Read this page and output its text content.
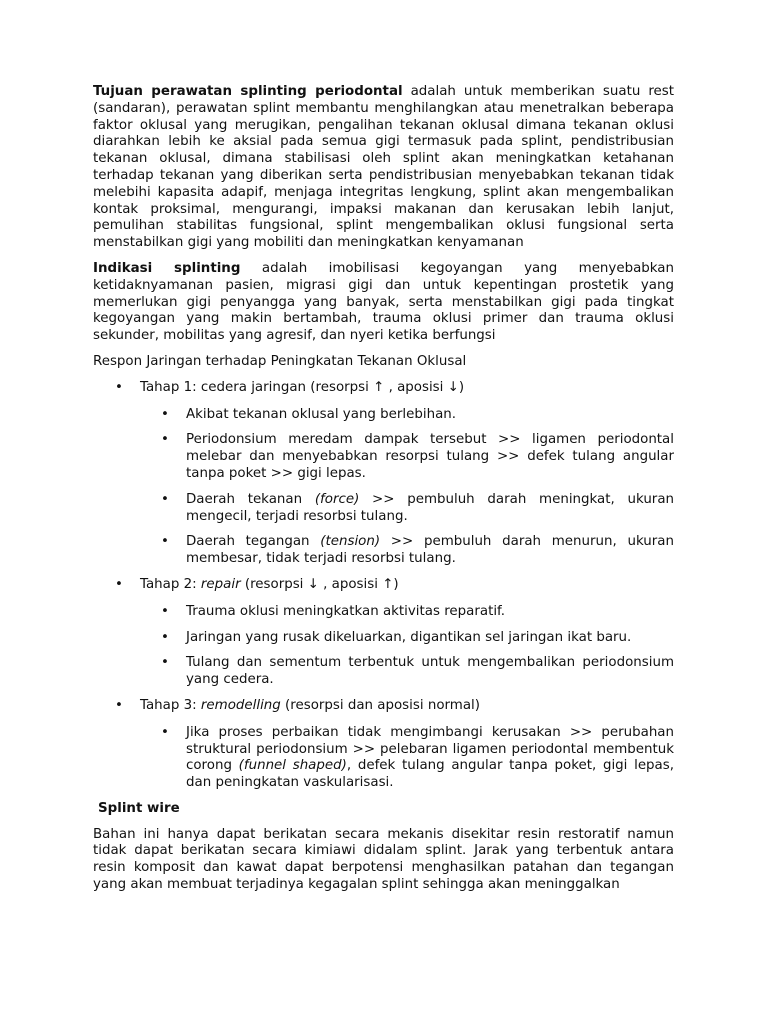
Tujuan perawatan splinting periodontal adalah untuk memberikan suatu rest (sandaran), perawatan splint membantu menghilangkan atau menetralkan beberapa faktor oklusal yang merugikan, pengalihan tekanan oklusal dimana tekanan oklusi diarahkan lebih ke aksial pada semua gigi termasuk pada splint, pendistribusian tekanan oklusal, dimana stabilisasi oleh splint akan meningkatkan ketahanan terhadap tekanan yang diberikan serta pendistribusian menyebabkan tekanan tidak melebihi kapasita adapif, menjaga integritas lengkung, splint akan mengembalikan kontak proksimal, mengurangi, impaksi makanan dan kerusakan lebih lanjut, pemulihan stabilitas fungsional, splint mengembalikan oklusi fungsional serta menstabilkan gigi yang mobiliti dan meningkatkan kenyamanan

Indikasi splinting adalah imobilisasi kegoyangan yang menyebabkan ketidaknyamanan pasien, migrasi gigi dan untuk kepentingan prostetik yang memerlukan gigi penyangga yang banyak, serta menstabilkan gigi pada tingkat kegoyangan yang makin bertambah, trauma oklusi primer dan trauma oklusi sekunder, mobilitas yang agresif, dan nyeri ketika berfungsi

Respon Jaringan terhadap Peningkatan Tekanan Oklusal

• Tahap 1: cedera jaringan (resorpsi ↑ , aposisi ↓)
• Akibat tekanan oklusal yang berlebihan.
• Periodonsium meredam dampak tersebut >> ligamen periodontal melebar dan menyebabkan resorpsi tulang >> defek tulang angular tanpa poket >> gigi lepas.
• Daerah tekanan (force) >> pembuluh darah meningkat, ukuran mengecil, terjadi resorbsi tulang.
• Daerah tegangan (tension) >> pembuluh darah menurun, ukuran membesar, tidak terjadi resorbsi tulang.
• Tahap 2: repair (resorpsi ↓ , aposisi ↑)
• Trauma oklusi meningkatkan aktivitas reparatif.
• Jaringan yang rusak dikeluarkan, digantikan sel jaringan ikat baru.
• Tulang dan sementum terbentuk untuk mengembalikan periodonsium yang cedera.
• Tahap 3: remodelling (resorpsi dan aposisi normal)
• Jika proses perbaikan tidak mengimbangi kerusakan >> perubahan struktural periodonsium >> pelebaran ligamen periodontal membentuk corong (funnel shaped), defek tulang angular tanpa poket, gigi lepas, dan peningkatan vaskularisasi.

Splint wire

Bahan ini hanya dapat berikatan secara mekanis disekitar resin restoratif namun tidak dapat berikatan secara kimiawi didalam splint. Jarak yang terbentuk antara resin komposit dan kawat dapat berpotensi menghasilkan patahan dan tegangan yang akan membuat terjadinya kegagalan splint sehingga akan meninggalkan
